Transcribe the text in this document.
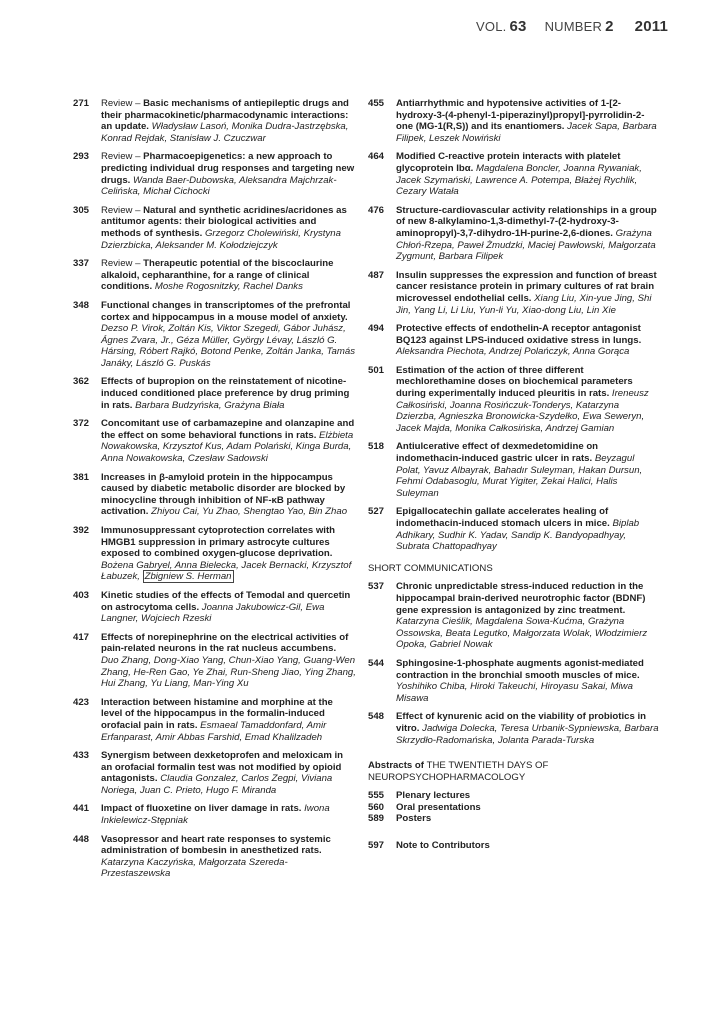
VOL. 63 NUMBER 2 2011
271	Review – Basic mechanisms of antiepileptic drugs and their pharmacokinetic/pharmacodynamic interactions: an update. Władysław Lasoń, Monika Dudra-Jastrzębska, Konrad Rejdak, Stanisław J. Czuczwar
293	Review – Pharmacoepigenetics: a new approach to predicting individual drug responses and targeting new drugs. Wanda Baer-Dubowska, Aleksandra Majchrzak-Celińska, Michał Cichocki
305	Review – Natural and synthetic acridines/acridones as antitumor agents: their biological activities and methods of synthesis. Grzegorz Cholewiński, Krystyna Dzierzbicka, Aleksander M. Kołodziejczyk
337	Review – Therapeutic potential of the biscoclaurine alkaloid, cepharanthine, for a range of clinical conditions. Moshe Rogosnitzky, Rachel Danks
348	Functional changes in transcriptomes of the prefrontal cortex and hippocampus in a mouse model of anxiety. Dezso P. Virok, Zoltán Kis, Viktor Szegedi, Gábor Juhász, Ágnes Zvara, Jr., Géza Müller, György Lévay, László G. Hársing, Róbert Rajkó, Botond Penke, Zoltán Janka, Tamás Janáky, László G. Puskás
362	Effects of bupropion on the reinstatement of nicotine-induced conditioned place preference by drug priming in rats. Barbara Budzyńska, Grażyna Biała
372	Concomitant use of carbamazepine and olanzapine and the effect on some behavioral functions in rats. Elżbieta Nowakowska, Krzysztof Kus, Adam Polański, Kinga Burda, Anna Nowakowska, Czesław Sadowski
381	Increases in β-amyloid protein in the hippocampus caused by diabetic metabolic disorder are blocked by minocycline through inhibition of NF-κB pathway activation. Zhiyou Cai, Yu Zhao, Shengtao Yao, Bin Zhao
392	Immunosuppressant cytoprotection correlates with HMGB1 suppression in primary astrocyte cultures exposed to combined oxygen-glucose deprivation. Bożena Gabryel, Anna Bielecka, Jacek Bernacki, Krzysztof Łabuzek, Zbigniew S. Herman
403	Kinetic studies of the effects of Temodal and quercetin on astrocytoma cells. Joanna Jakubowicz-Gil, Ewa Langner, Wojciech Rzeski
417	Effects of norepinephrine on the electrical activities of pain-related neurons in the rat nucleus accumbens. Duo Zhang, Dong-Xiao Yang, Chun-Xiao Yang, Guang-Wen Zhang, He-Ren Gao, Ye Zhai, Run-Sheng Jiao, Ying Zhang, Hui Zhang, Yu Liang, Man-Ying Xu
423	Interaction between histamine and morphine at the level of the hippocampus in the formalin-induced orofacial pain in rats. Esmaeal Tamaddonfard, Amir Erfanparast, Amir Abbas Farshid, Emad Khalilzadeh
433	Synergism between dexketoprofen and meloxicam in an orofacial formalin test was not modified by opioid antagonists. Claudia Gonzalez, Carlos Zegpi, Viviana Noriega, Juan C. Prieto, Hugo F. Miranda
441	Impact of fluoxetine on liver damage in rats. Iwona Inkielewicz-Stępniak
448	Vasopressor and heart rate responses to systemic administration of bombesin in anesthetized rats. Katarzyna Kaczyńska, Małgorzata Szereda-Przestaszewska
455	Antiarrhythmic and hypotensive activities of 1-[2-hydroxy-3-(4-phenyl-1-piperazinyl)propyl]-pyrrolidin-2-one (MG-1(R,S)) and its enantiomers. Jacek Sapa, Barbara Filipek, Leszek Nowiński
464	Modified C-reactive protein interacts with platelet glycoprotein Ibα. Magdalena Boncler, Joanna Rywaniak, Jacek Szymański, Lawrence A. Potempa, Błażej Rychlik, Cezary Watała
476	Structure-cardiovascular activity relationships in a group of new 8-alkylamino-1,3-dimethyl-7-(2-hydroxy-3-aminopropyl)-3,7-dihydro-1H-purine-2,6-diones. Grażyna Chłoń-Rzepa, Paweł Żmudzki, Maciej Pawłowski, Małgorzata Zygmunt, Barbara Filipek
487	Insulin suppresses the expression and function of breast cancer resistance protein in primary cultures of rat brain microvessel endothelial cells. Xiang Liu, Xin-yue Jing, Shi Jin, Yang Li, Li Liu, Yun-li Yu, Xiao-dong Liu, Lin Xie
494	Protective effects of endothelin-A receptor antagonist BQ123 against LPS-induced oxidative stress in lungs. Aleksandra Piechota, Andrzej Polańczyk, Anna Gorąca
501	Estimation of the action of three different mechlorethamine doses on biochemical parameters during experimentally induced pleuritis in rats. Ireneusz Całkosiński, Joanna Rosińczuk-Tonderys, Katarzyna Dzierzba, Agnieszka Bronowicka-Szydełko, Ewa Seweryn, Jacek Majda, Monika Całkosińska, Andrzej Gamian
518	Antiulcerative effect of dexmedetomidine on indomethacin-induced gastric ulcer in rats. Beyzagul Polat, Yavuz Albayrak, Bahadır Suleyman, Hakan Dursun, Fehmi Odabasoglu, Murat Yigiter, Zekai Halici, Halis Suleyman
527	Epigallocatechin gallate accelerates healing of indomethacin-induced stomach ulcers in mice. Biplab Adhikary, Sudhir K. Yadav, Sandip K. Bandyopadhyay, Subrata Chattopadhyay
SHORT COMMUNICATIONS
537	Chronic unpredictable stress-induced reduction in the hippocampal brain-derived neurotrophic factor (BDNF) gene expression is antagonized by zinc treatment. Katarzyna Cieślik, Magdalena Sowa-Kućma, Grażyna Ossowska, Beata Legutko, Małgorzata Wolak, Włodzimierz Opoka, Gabriel Nowak
544	Sphingosine-1-phosphate augments agonist-mediated contraction in the bronchial smooth muscles of mice. Yoshihiko Chiba, Hiroki Takeuchi, Hiroyasu Sakai, Miwa Misawa
548	Effect of kynurenic acid on the viability of probiotics in vitro. Jadwiga Dolecka, Teresa Urbanik-Sypniewska, Barbara Skrzydło-Radomańska, Jolanta Parada-Turska
Abstracts of THE TWENTIETH DAYS OF NEUROPSYCHOPHARMACOLOGY
555	Plenary lectures
560	Oral presentations
589	Posters
597	Note to Contributors
